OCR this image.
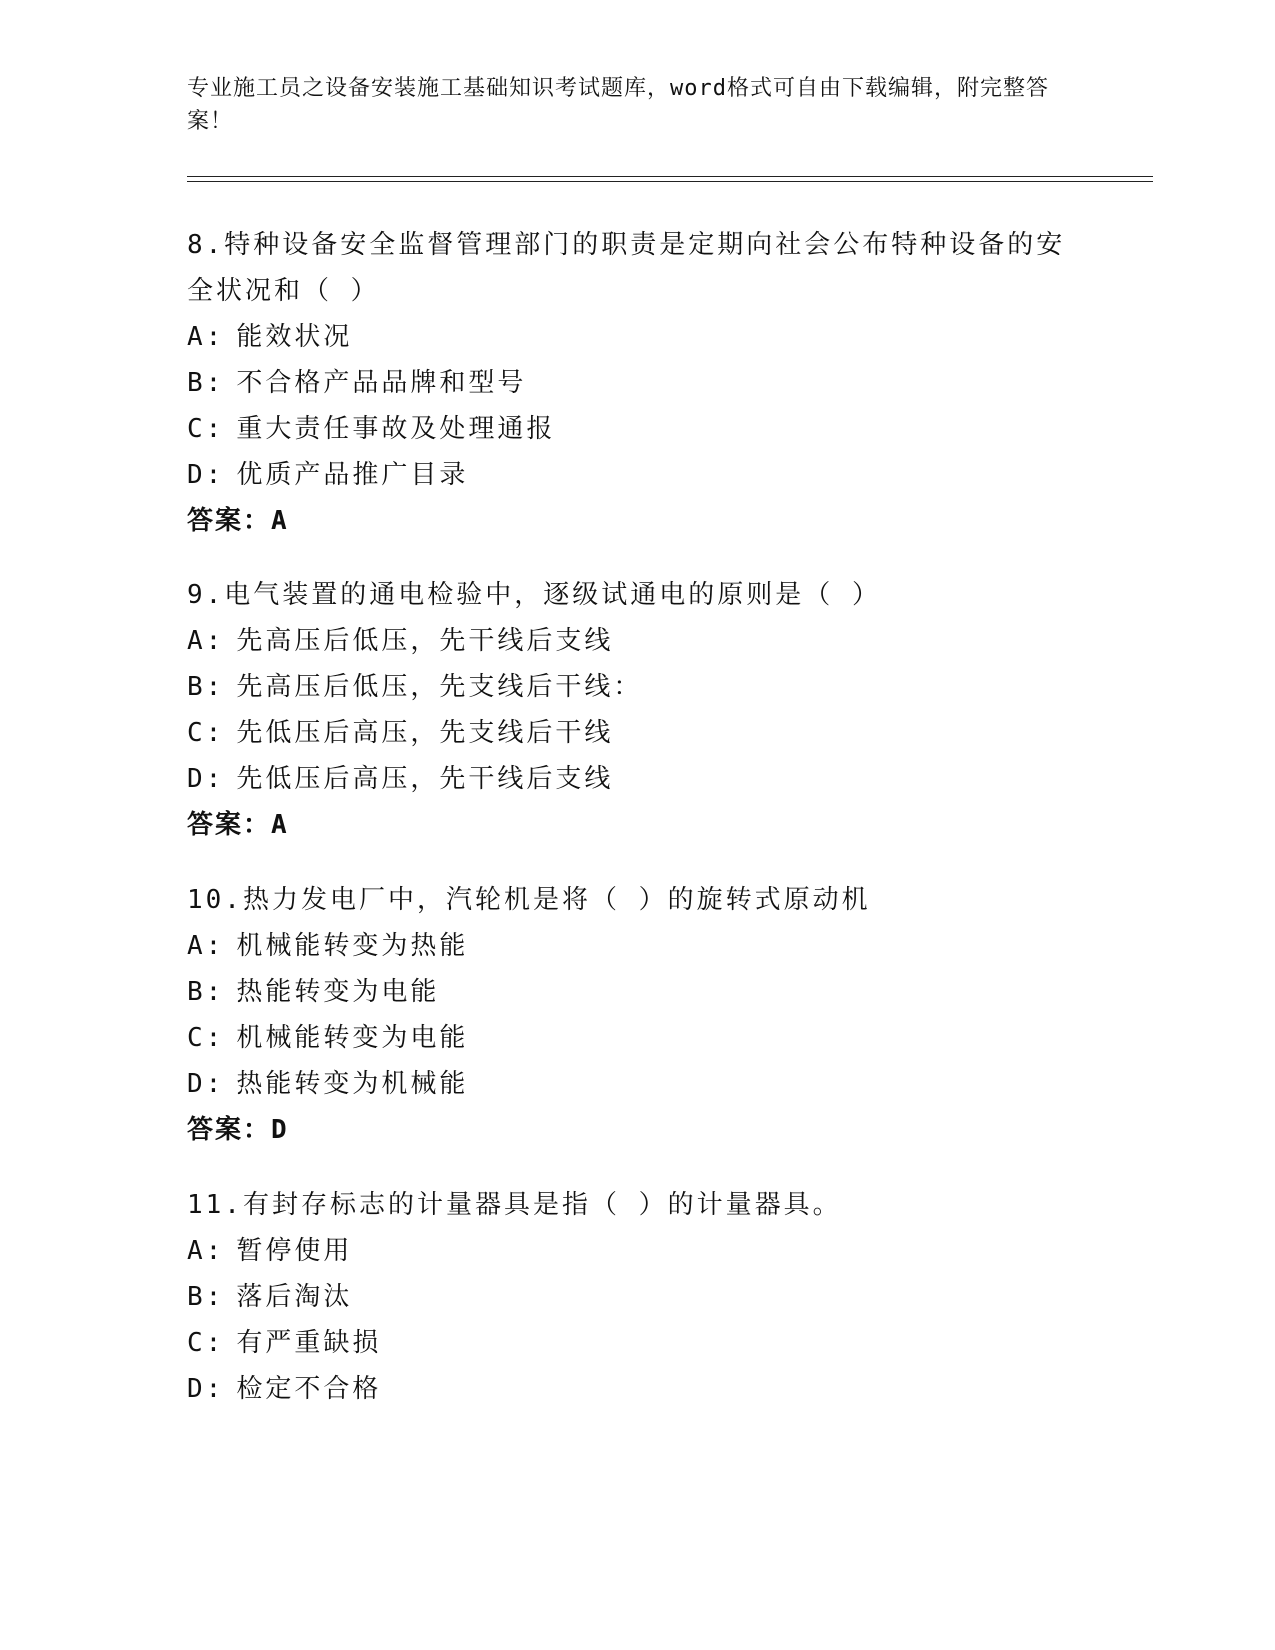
专业施工员之设备安装施工基础知识考试题库，word格式可自由下载编辑，附完整答案！
8.特种设备安全监督管理部门的职责是定期向社会公布特种设备的安全状况和（ ）
A: 能效状况
B: 不合格产品品牌和型号
C: 重大责任事故及处理通报
D: 优质产品推广目录
答案：A
9.电气装置的通电检验中，逐级试通电的原则是（ ）
A: 先高压后低压，先干线后支线
B: 先高压后低压，先支线后干线：
C: 先低压后高压，先支线后干线
D: 先低压后高压，先干线后支线
答案：A
10.热力发电厂中，汽轮机是将（ ）的旋转式原动机
A: 机械能转变为热能
B: 热能转变为电能
C: 机械能转变为电能
D: 热能转变为机械能
答案：D
11.有封存标志的计量器具是指（ ）的计量器具。
A: 暂停使用
B: 落后淘汰
C: 有严重缺损
D: 检定不合格
